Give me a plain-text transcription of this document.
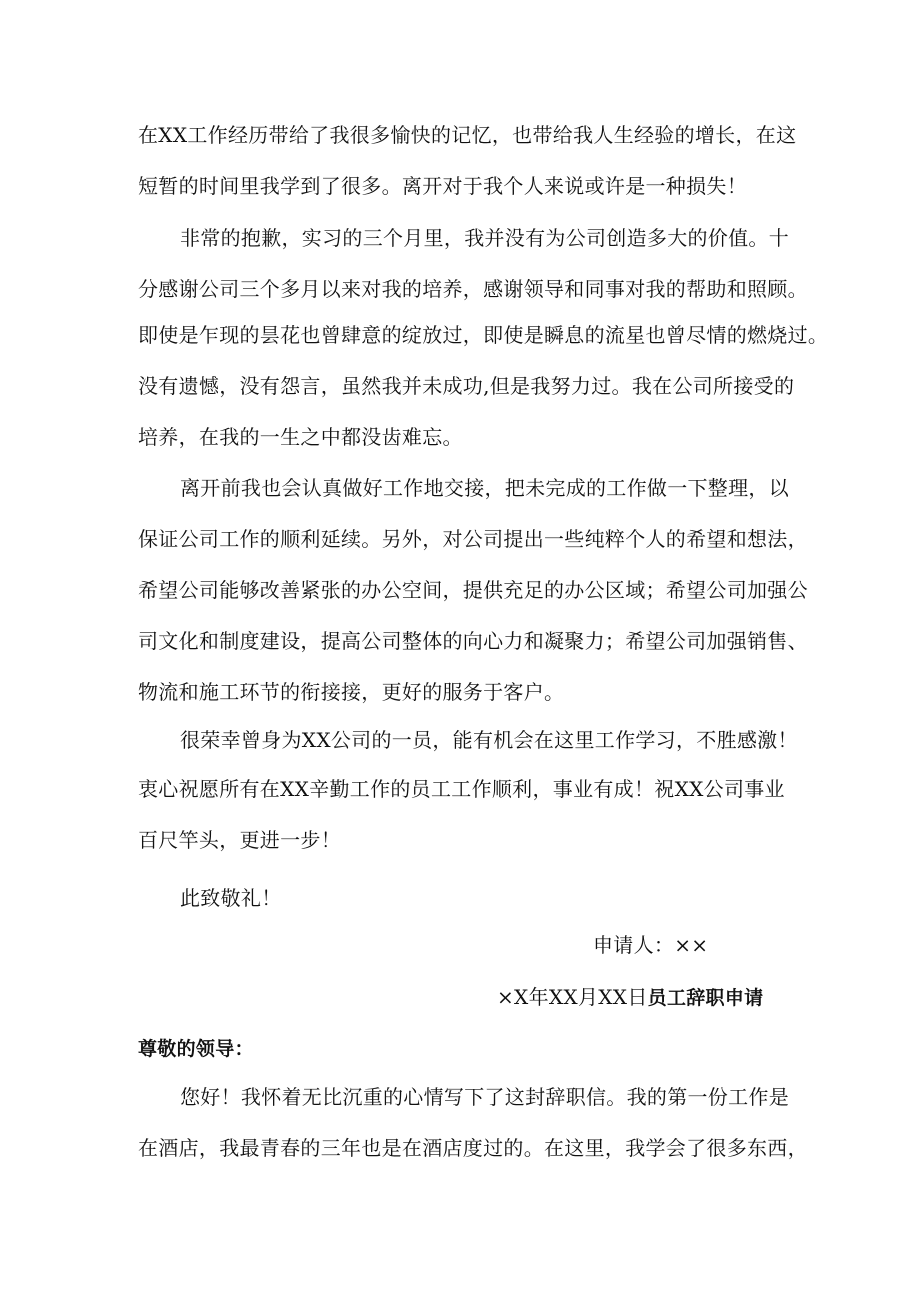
在XX工作经历带给了我很多愉快的记忆，也带给我人生经验的增长，在这
短暂的时间里我学到了很多。离开对于我个人来说或许是一种损失！
非常的抱歉，实习的三个月里，我并没有为公司创造多大的价值。十
分感谢公司三个多月以来对我的培养，感谢领导和同事对我的帮助和照顾。
即使是乍现的昙花也曾肆意的绽放过，即使是瞬息的流星也曾尽情的燃烧过。
没有遗憾，没有怨言，虽然我并未成功,但是我努力过。我在公司所接受的
培养，在我的一生之中都没齿难忘。
离开前我也会认真做好工作地交接，把未完成的工作做一下整理，以
保证公司工作的顺利延续。另外，对公司提出一些纯粹个人的希望和想法，
希望公司能够改善紧张的办公空间，提供充足的办公区域；希望公司加强公
司文化和制度建设，提高公司整体的向心力和凝聚力；希望公司加强销售、
物流和施工环节的衔接接，更好的服务于客户。
很荣幸曾身为XX公司的一员，能有机会在这里工作学习，不胜感激！
衷心祝愿所有在XX辛勤工作的员工工作顺利，事业有成！祝XX公司事业
百尺竿头，更进一步！
此致敬礼！
申请人：××
×X年XX月XX日员工辞职申请
尊敬的领导：
您好！我怀着无比沉重的心情写下了这封辞职信。我的第一份工作是
在酒店，我最青春的三年也是在酒店度过的。在这里，我学会了很多东西，
